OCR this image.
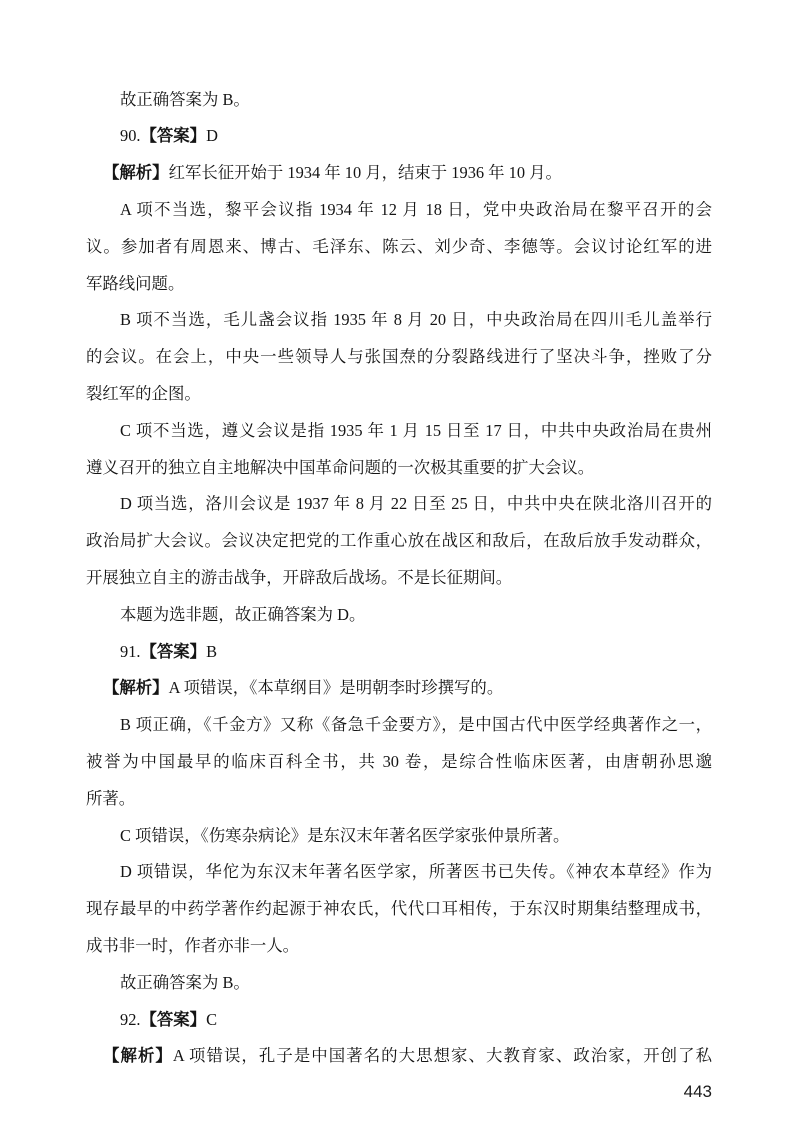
故正确答案为 B。
90.【答案】D
【解析】红军长征开始于 1934 年 10 月，结束于 1936 年 10 月。
A 项不当选，黎平会议指 1934 年 12 月 18 日，党中央政治局在黎平召开的会
议。参加者有周恩来、博古、毛泽东、陈云、刘少奇、李德等。会议讨论红军的进
军路线问题。
B 项不当选，毛儿盏会议指 1935 年 8 月 20 日，中央政治局在四川毛儿盖举行
的会议。在会上，中央一些领导人与张国焘的分裂路线进行了坚决斗争，挫败了分
裂红军的企图。
C 项不当选，遵义会议是指 1935 年 1 月 15 日至 17 日，中共中央政治局在贵州
遵义召开的独立自主地解决中国革命问题的一次极其重要的扩大会议。
D 项当选，洛川会议是 1937 年 8 月 22 日至 25 日，中共中央在陕北洛川召开的
政治局扩大会议。会议决定把党的工作重心放在战区和敌后，在敌后放手发动群众，
开展独立自主的游击战争，开辟敌后战场。不是长征期间。
本题为选非题，故正确答案为 D。
91.【答案】B
【解析】A 项错误，《本草纲目》是明朝李时珍撰写的。
B 项正确，《千金方》又称《备急千金要方》，是中国古代中医学经典著作之一，
被誉为中国最早的临床百科全书，共 30 卷，是综合性临床医著，由唐朝孙思邈
所著。
C 项错误，《伤寒杂病论》是东汉末年著名医学家张仲景所著。
D 项错误，华佗为东汉末年著名医学家，所著医书已失传。《神农本草经》作为
现存最早的中药学著作约起源于神农氏，代代口耳相传，于东汉时期集结整理成书，
成书非一时，作者亦非一人。
故正确答案为 B。
92.【答案】C
【解析】A 项错误，孔子是中国著名的大思想家、大教育家、政治家，开创了私
443
